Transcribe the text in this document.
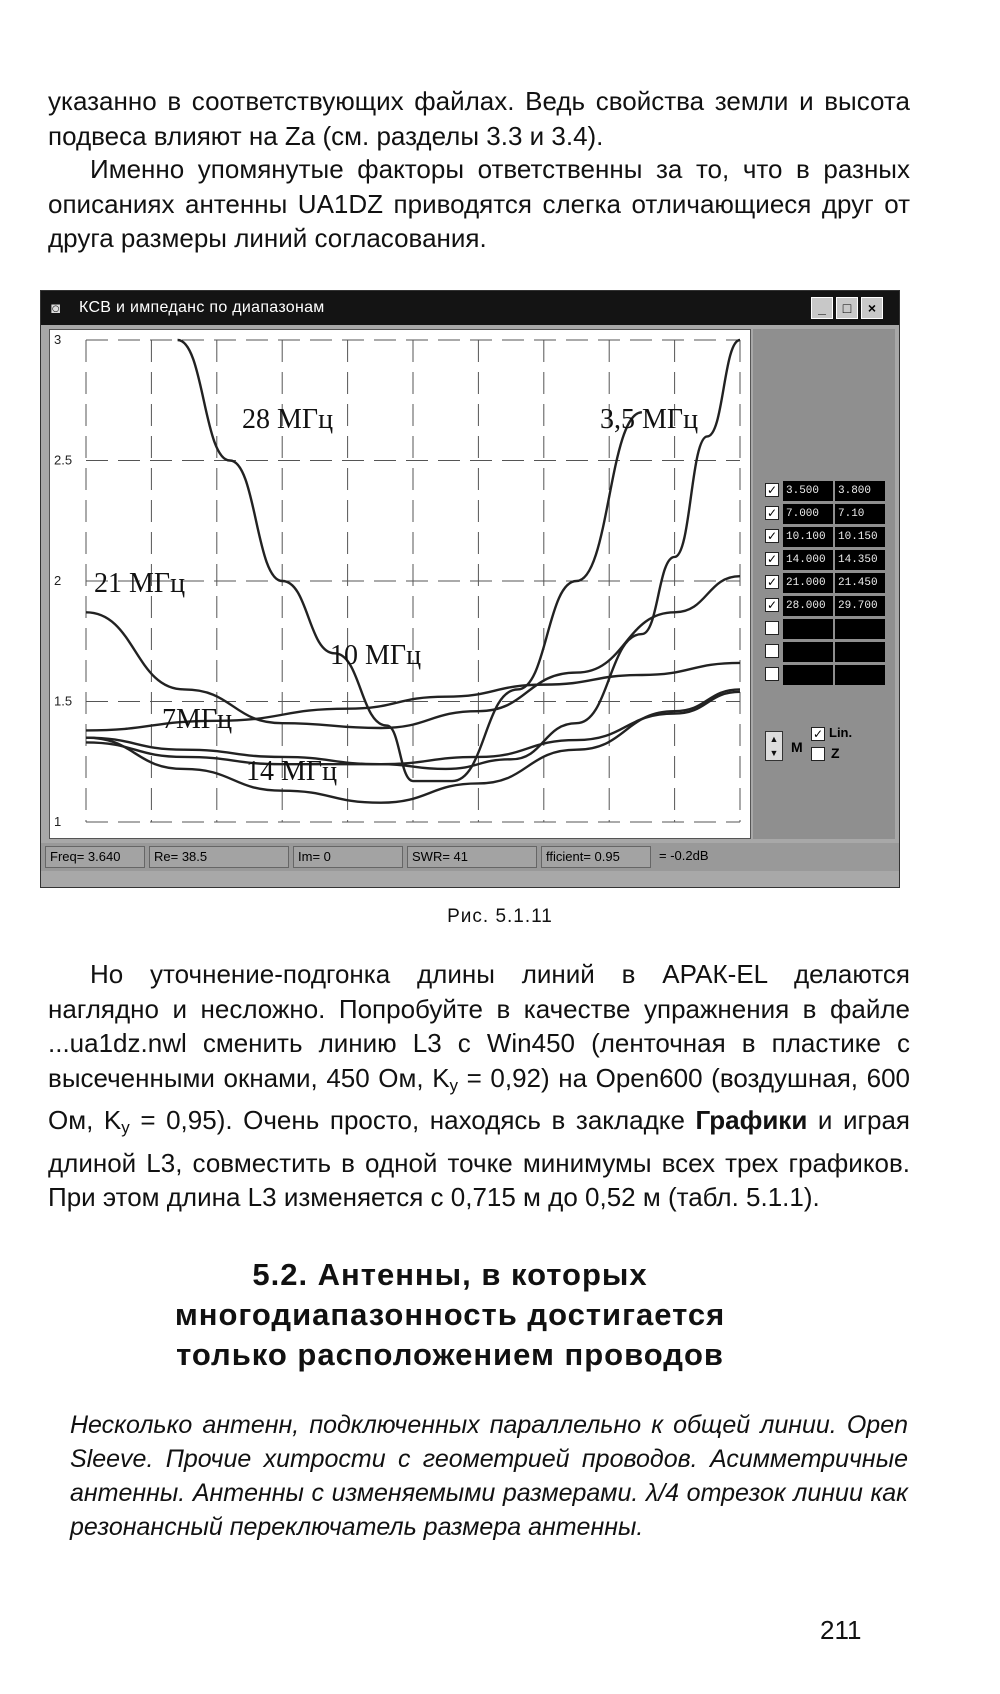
указанно в соответствующих файлах. Ведь свойства земли и высота подвеса влияют на Za (см. разделы 3.3 и 3.4).
Именно упомянутые факторы ответственны за то, что в разных описаниях антенны UA1DZ приводятся слегка отличающиеся друг от друга размеры линий согласования.
◙ КСВ и импеданс по диапазонам	_	□	×
1
1.5
2
2.5
3
28 МГц	3,5 МГц
21 МГц
10 МГц
7МГц
14 МГц
▲
▼ M
✓ Lin.
Z
✓ 3.500	3.800
✓ 7.000	7.10
✓ 10.100	10.150
✓ 14.000	14.350
✓ 21.000	21.450
✓ 28.000	29.700
Freq= 3.640	Re= 38.5	Im= 0	SWR= 41	fficient= 0.95	= -0.2dB
Рис. 5.1.11
Но уточнение-подгонка длины линий в АРАК-EL делаются наглядно и несложно. Попробуйте в качестве упражнения в файле ...ua1dz.nwl сменить линию L3 с Win450 (ленточная в пластике с высеченными окнами, 450 Ом, $K_у = 0,92$) на Open600 (воздушная, 600 Ом, $K_у = 0,95$). Очень просто, находясь в закладке Графики и играя длиной L3, совместить в одной точке минимумы всех трех графиков. При этом длина L3 изменяется с 0,715 м до 0,52 м (табл. 5.1.1).
5.2. Антенны, в которых
многодиапазонность достигается
только расположением проводов
Несколько антенн, подключенных параллельно к общей линии. Open Sleeve. Прочие хитрости с геометрией проводов. Асимметричные антенны. Антенны с изменяемыми размерами. λ/4 отрезок линии как резонансный переключатель размера антенны.
211
